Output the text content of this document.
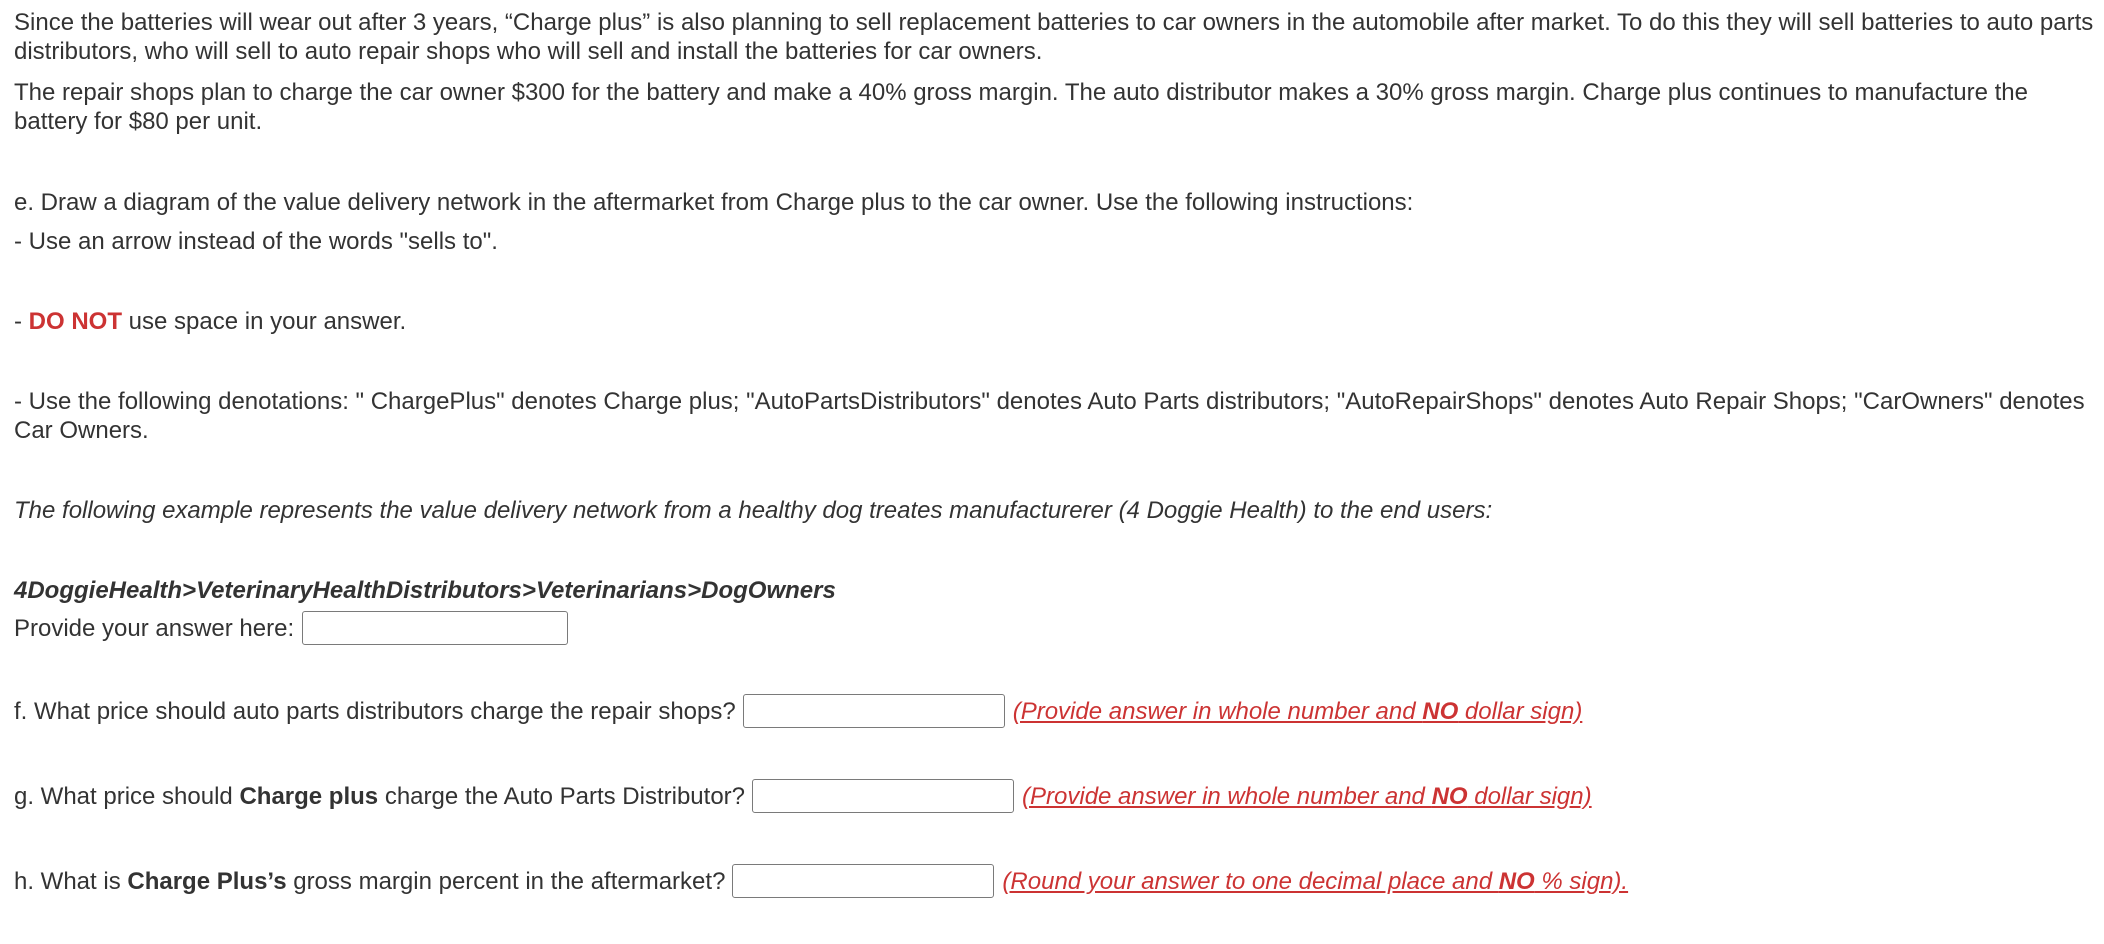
Since the batteries will wear out after 3 years, “Charge plus” is also planning to sell replacement batteries to car owners in the automobile after market. To do this they will sell batteries to auto parts distributors, who will sell to auto repair shops who will sell and install the batteries for car owners.

The repair shops plan to charge the car owner $300 for the battery and make a 40% gross margin. The auto distributor makes a 30% gross margin. Charge plus continues to manufacture the battery for $80 per unit.

e. Draw a diagram of the value delivery network in the aftermarket from Charge plus to the car owner. Use the following instructions:

- Use an arrow instead of the words "sells to".

- DO NOT use space in your answer.

- Use the following denotations: " ChargePlus" denotes Charge plus; "AutoPartsDistributors" denotes Auto Parts distributors; "AutoRepairShops" denotes Auto Repair Shops; "CarOwners" denotes Car Owners.

The following example represents the value delivery network from a healthy dog treates manufacturerer (4 Doggie Health) to the end users:

4DoggieHealth>VeterinaryHealthDistributors>Veterinarians>DogOwners

Provide your answer here:
f. What price should auto parts distributors charge the repair shops?	(Provide answer in whole number and NO dollar sign)
g. What price should Charge plus charge the Auto Parts Distributor?	(Provide answer in whole number and NO dollar sign)
h. What is Charge Plus’s gross margin percent in the aftermarket?	(Round your answer to one decimal place and NO % sign).
